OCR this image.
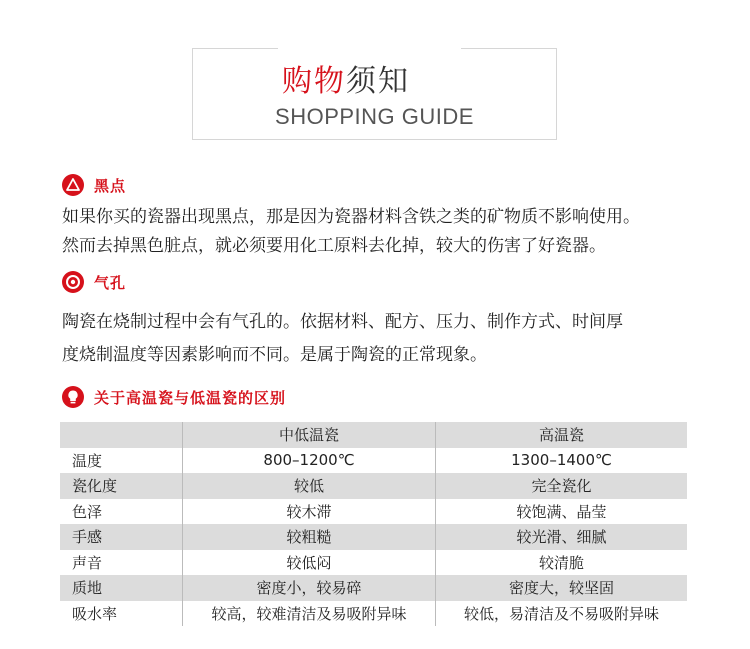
购物须知
SHOPPING GUIDE
黑点
如果你买的瓷器出现黑点，那是因为瓷器材料含铁之类的矿物质不影响使用。
然而去掉黑色脏点，就必须要用化工原料去化掉，较大的伤害了好瓷器。
气孔
陶瓷在烧制过程中会有气孔的。依据材料、配方、压力、制作方式、时间厚
度烧制温度等因素影响而不同。是属于陶瓷的正常现象。
关于高温瓷与低温瓷的区别
	中低温瓷	高温瓷
温度	800–1200℃	1300–1400℃
瓷化度	较低	完全瓷化
色泽	较木滞	较饱满、晶莹
手感	较粗糙	较光滑、细腻
声音	较低闷	较清脆
质地	密度小，较易碎	密度大，较坚固
吸水率	较高，较难清洁及易吸附异味	较低，易清洁及不易吸附异味
